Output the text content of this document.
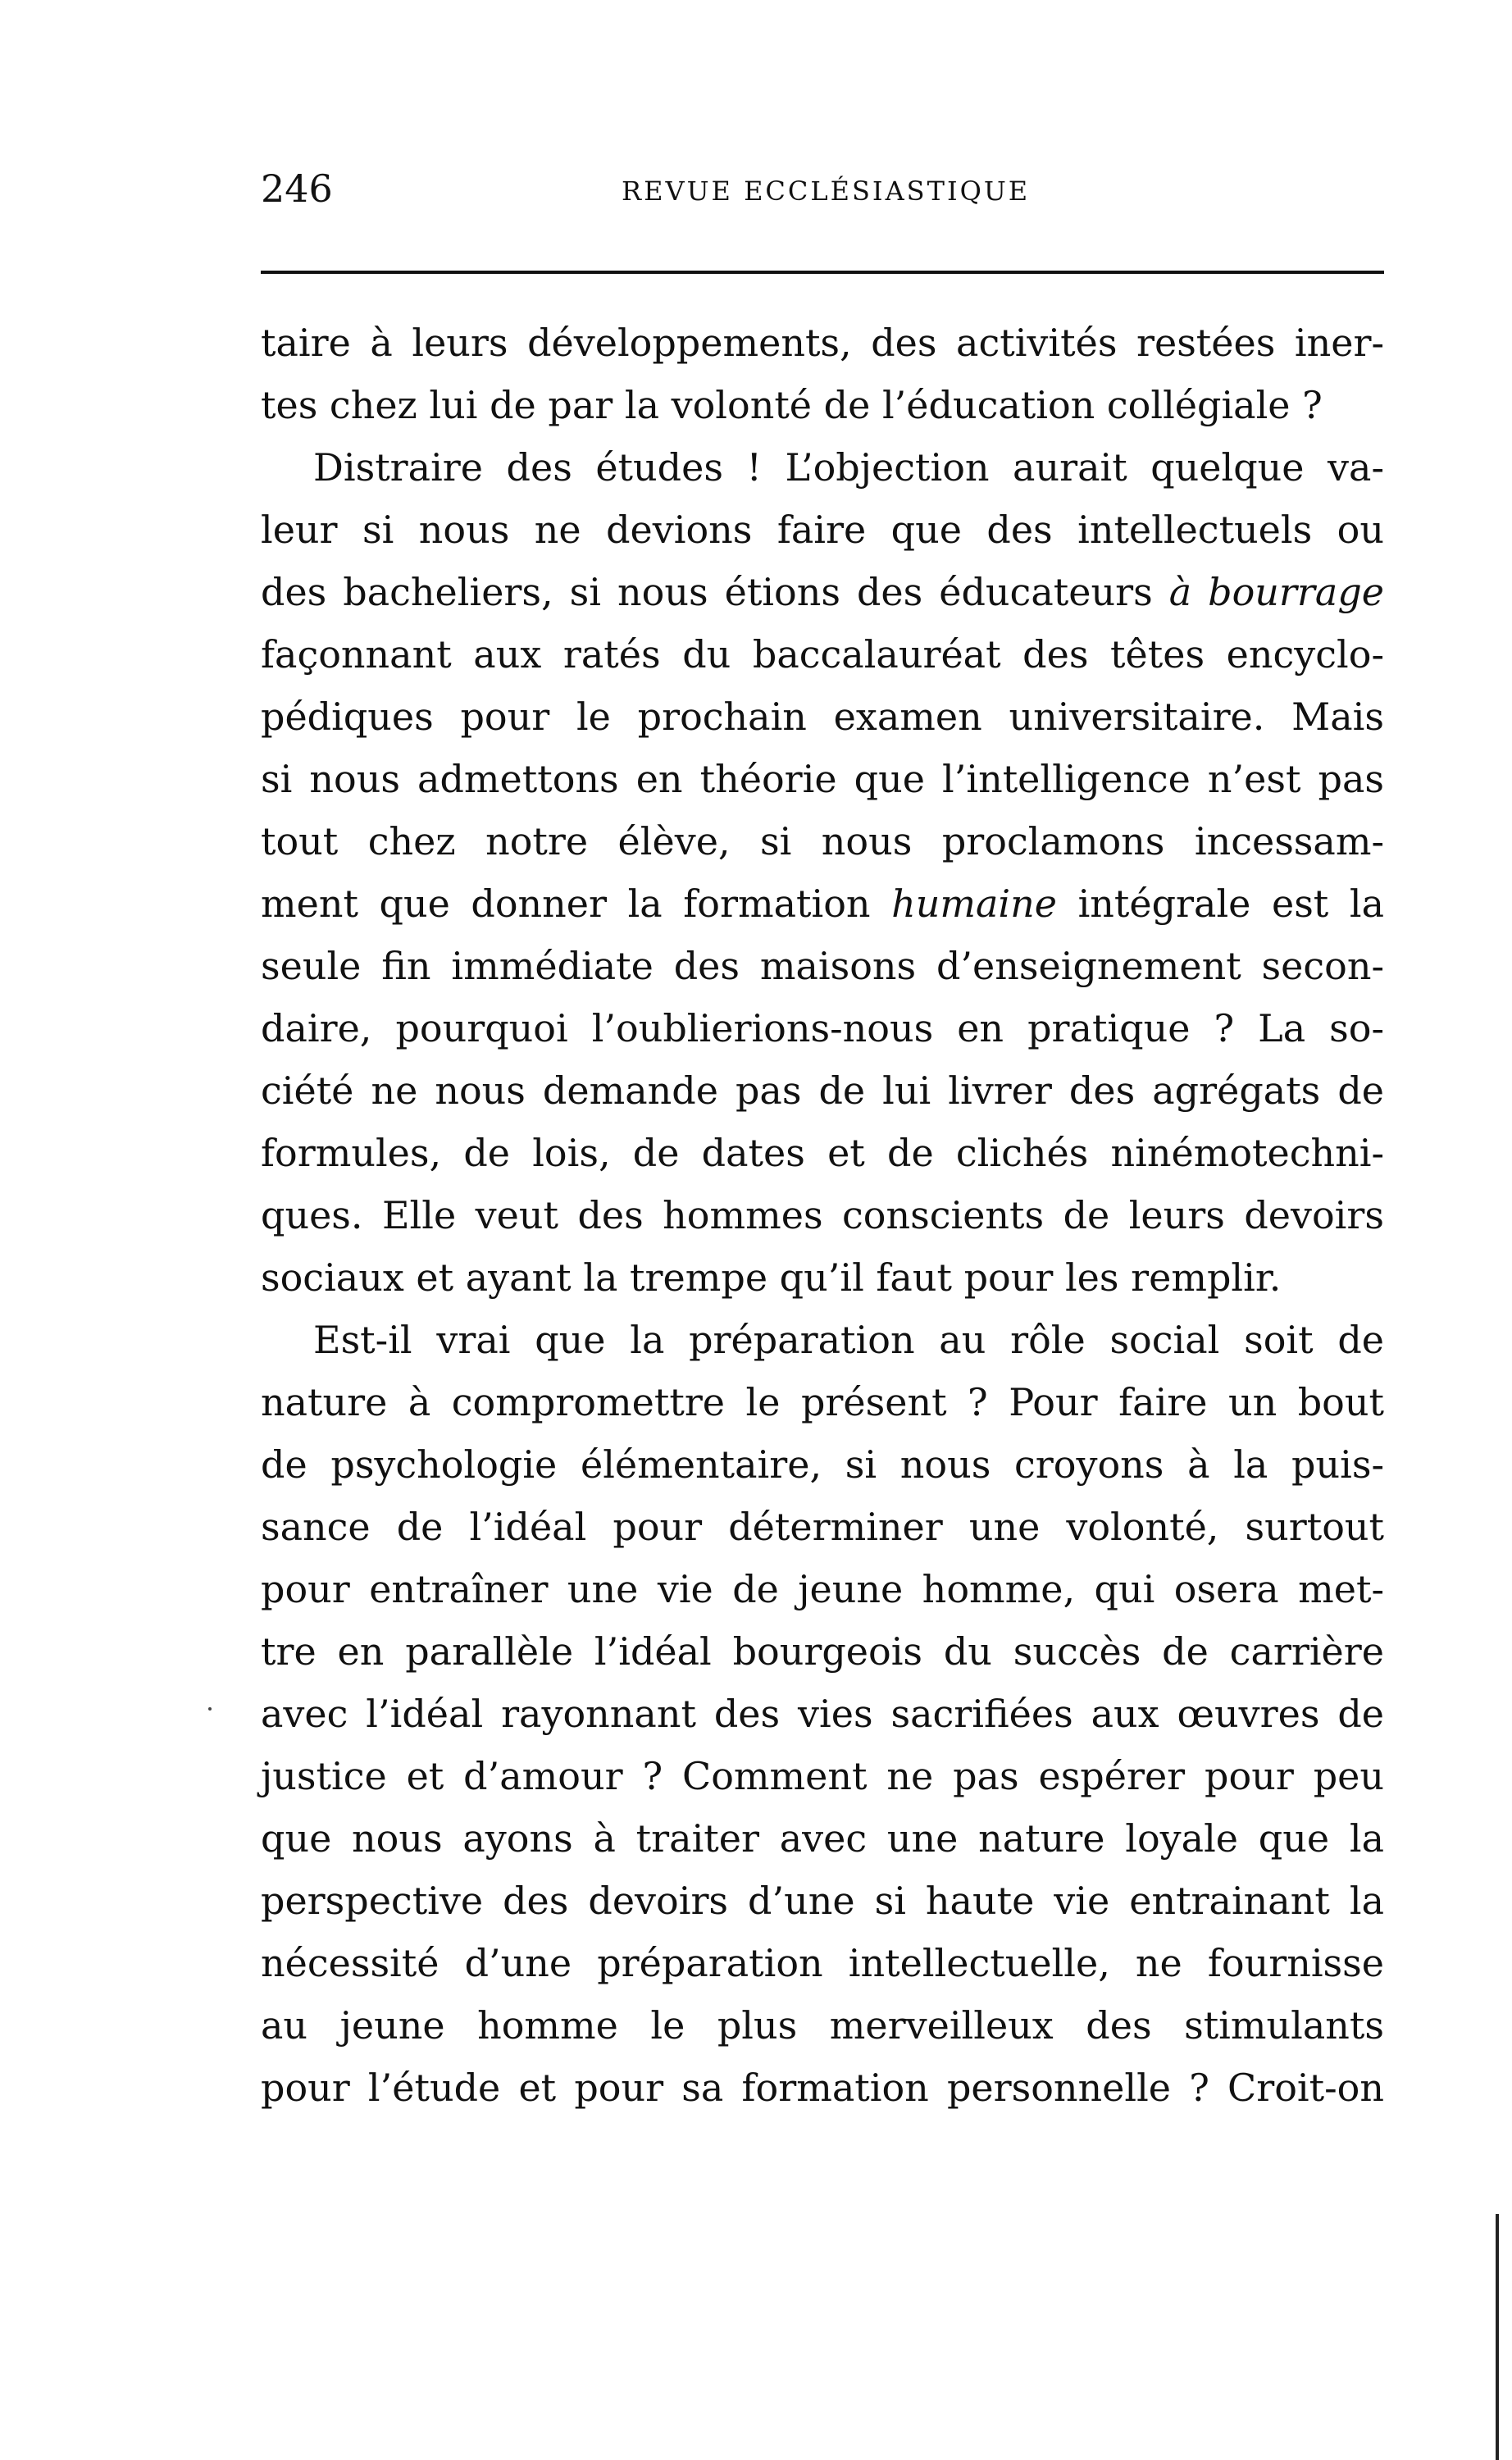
246	REVUE ECCLÉSIASTIQUE
taire à leurs développements, des activités restées iner-
tes chez lui de par la volonté de l’éducation collégiale ?
Distraire des études ! L’objection aurait quelque va-
leur si nous ne devions faire que des intellectuels ou
des bacheliers, si nous étions des éducateurs à bourrage
façonnant aux ratés du baccalauréat des têtes encyclo-
pédiques pour le prochain examen universitaire. Mais
si nous admettons en théorie que l’intelligence n’est pas
tout chez notre élève, si nous proclamons incessam-
ment que donner la formation humaine intégrale est la
seule fin immédiate des maisons d’enseignement secon-
daire, pourquoi l’oublierions-nous en pratique ? La so-
ciété ne nous demande pas de lui livrer des agrégats de
formules, de lois, de dates et de clichés ninémotechni-
ques. Elle veut des hommes conscients de leurs devoirs
sociaux et ayant la trempe qu’il faut pour les remplir.
Est-il vrai que la préparation au rôle social soit de
nature à compromettre le présent ? Pour faire un bout
de psychologie élémentaire, si nous croyons à la puis-
sance de l’idéal pour déterminer une volonté, surtout
pour entraîner une vie de jeune homme, qui osera met-
tre en parallèle l’idéal bourgeois du succès de carrière
avec l’idéal rayonnant des vies sacrifiées aux œuvres de
justice et d’amour ? Comment ne pas espérer pour peu
que nous ayons à traiter avec une nature loyale que la
perspective des devoirs d’une si haute vie entrainant la
nécessité d’une préparation intellectuelle, ne fournisse
au jeune homme le plus merveilleux des stimulants
pour l’étude et pour sa formation personnelle ? Croit-on
